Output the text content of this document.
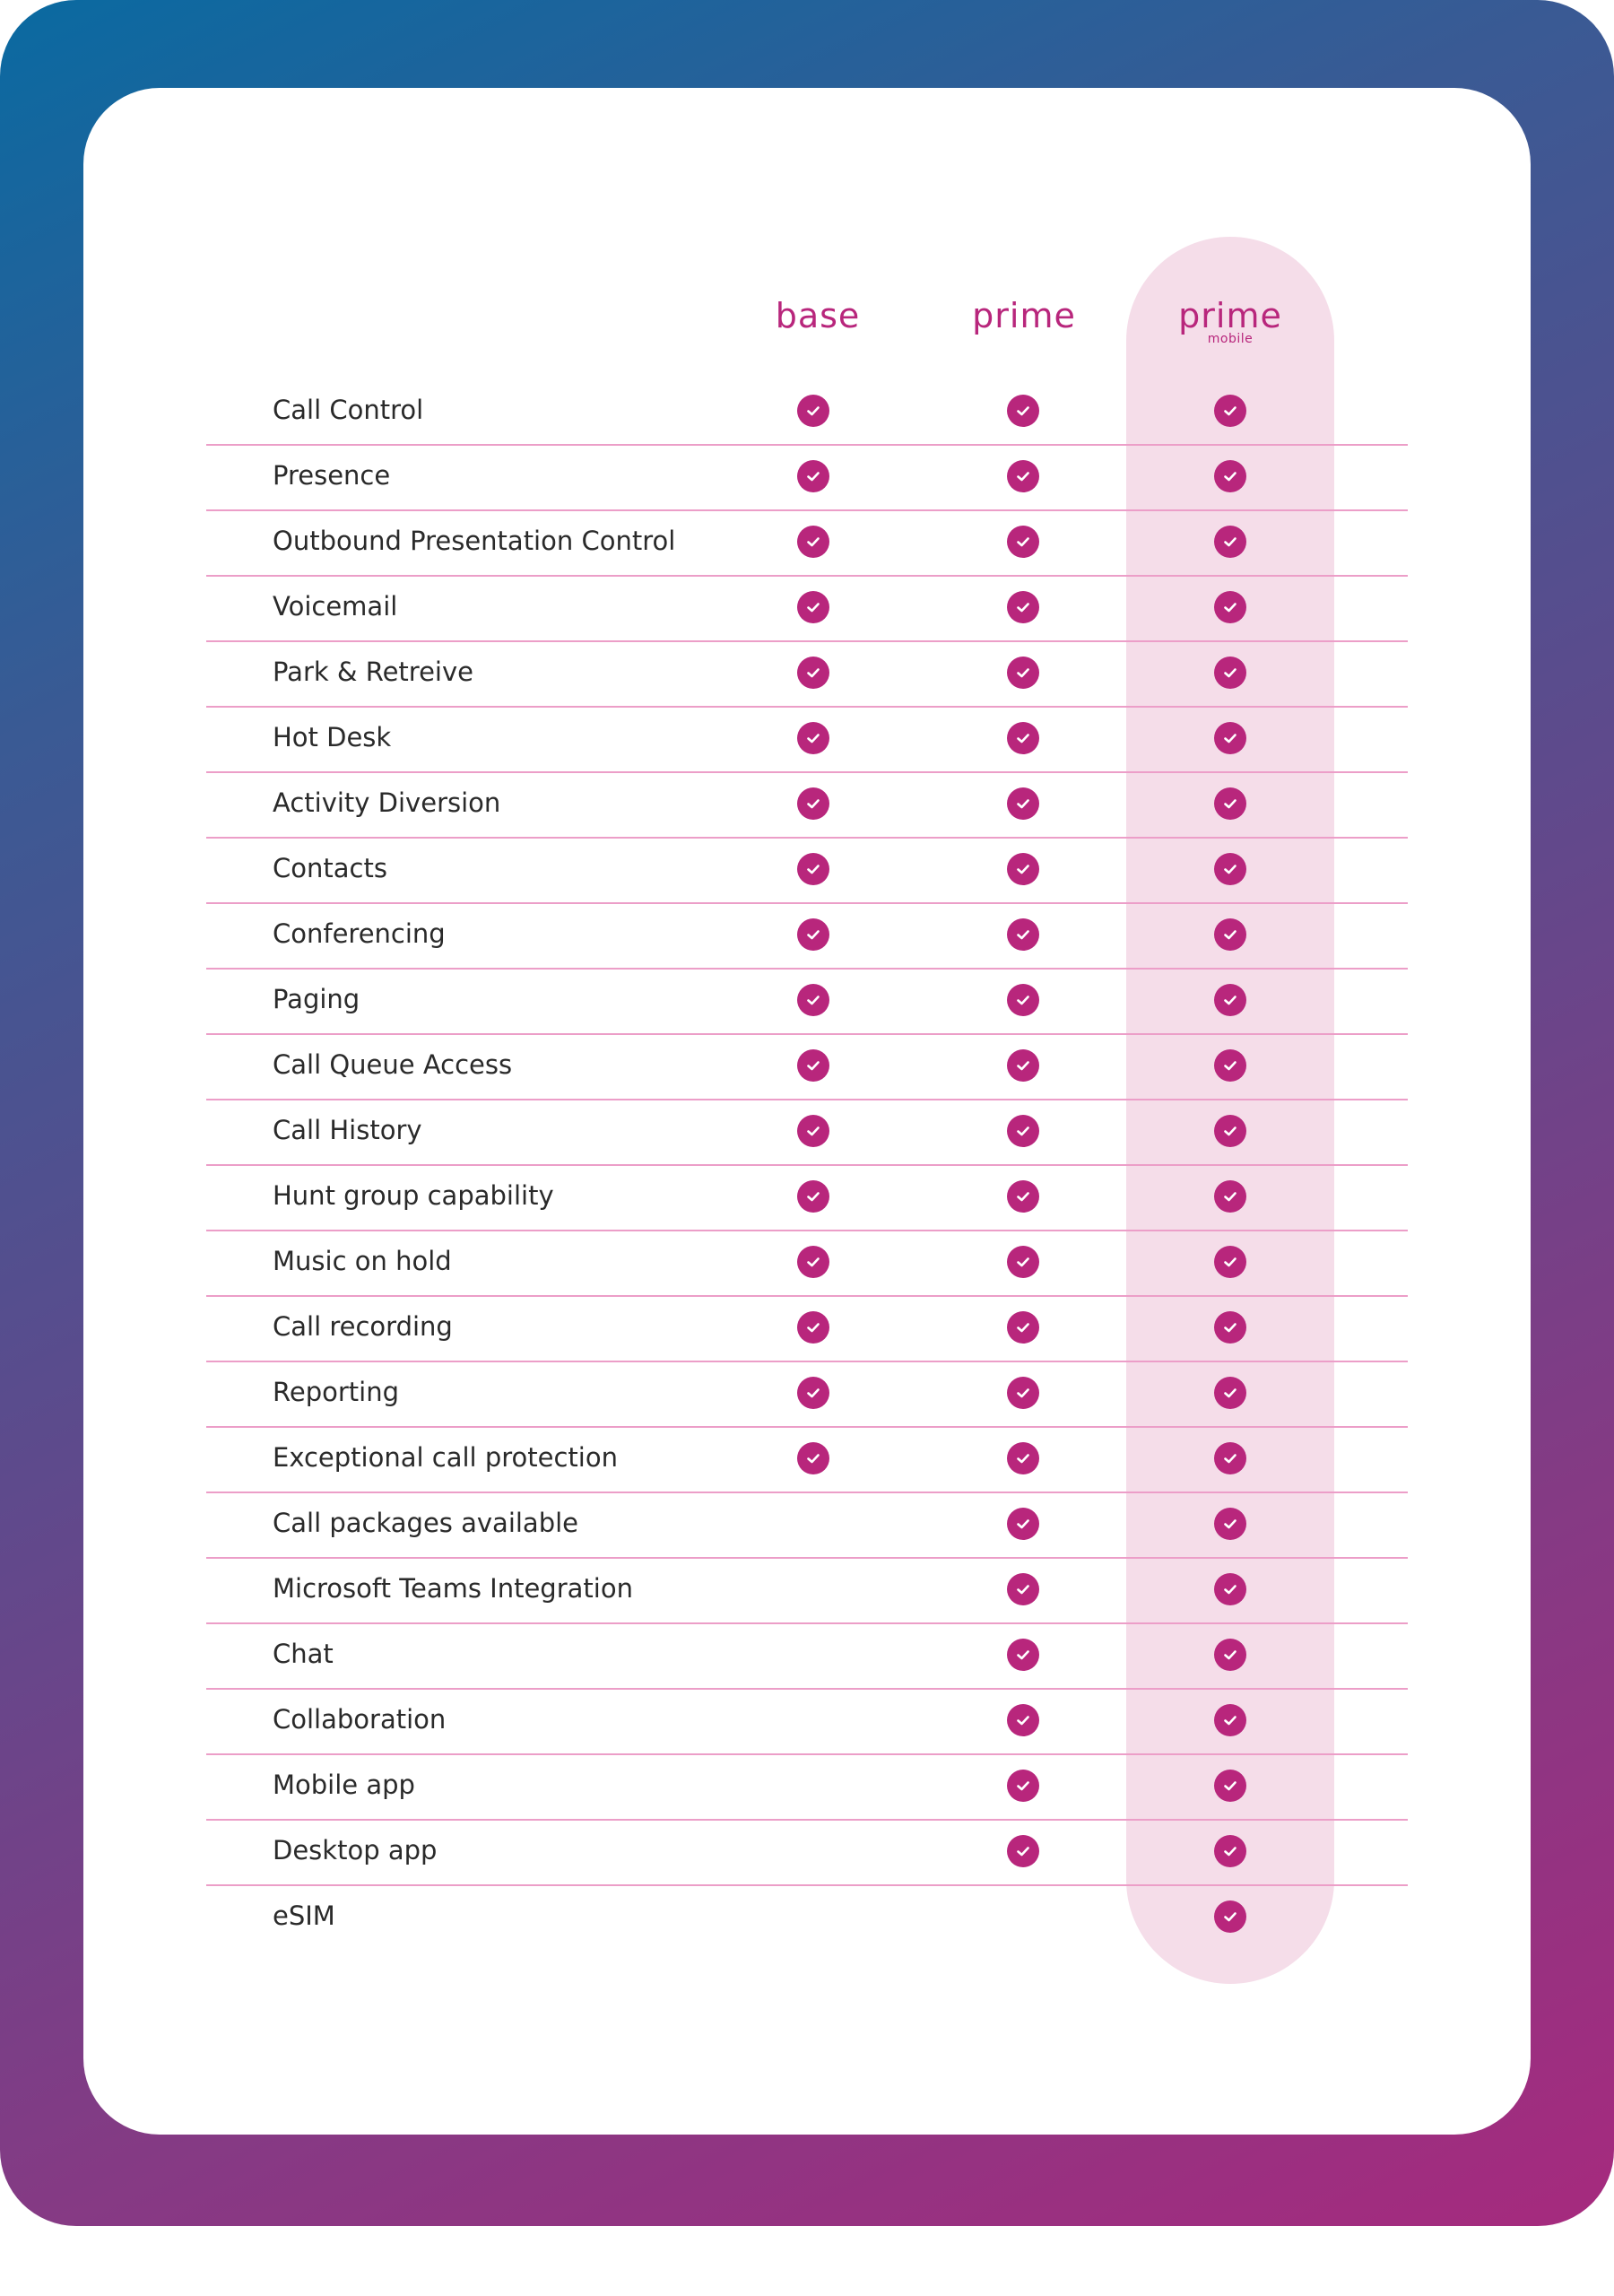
base	prime	prime
mobile
Call Control
Presence
Outbound Presentation Control
Voicemail
Park & Retreive
Hot Desk
Activity Diversion
Contacts
Conferencing
Paging
Call Queue Access
Call History
Hunt group capability
Music on hold
Call recording
Reporting
Exceptional call protection
Call packages available
Microsoft Teams Integration
Chat
Collaboration
Mobile app
Desktop app
eSIM
